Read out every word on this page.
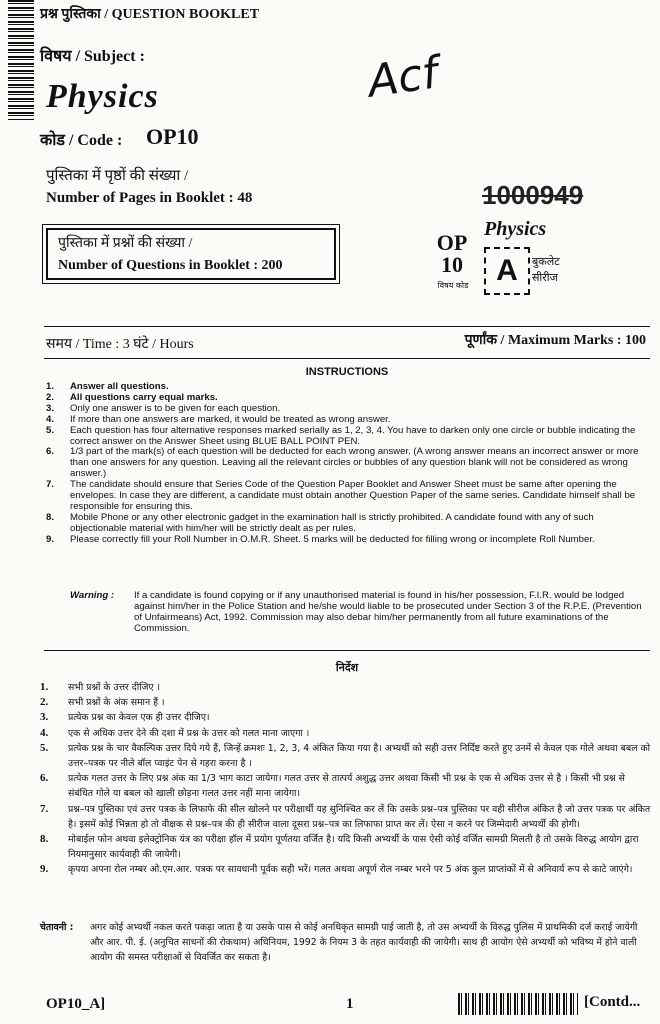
प्रश्न पुस्तिका / QUESTION BOOKLET
विषय / Subject :
Physics
कोड / Code : OP10
Acf
पुस्तिका में पृष्ठों की संख्या /
Number of Pages in Booklet : 48	1000949
पुस्तिका में प्रश्नों की संख्या /
Number of Questions in Booklet : 200
Physics
OP
10
विषय कोड A बुकलेट
सीरीज
समय / Time : 3 घंटे / Hours	पूर्णांक / Maximum Marks : 100
INSTRUCTIONS
1. Answer all questions.
2. All questions carry equal marks.
3. Only one answer is to be given for each question.
4. If more than one answers are marked, it would be treated as wrong answer.
5. Each question has four alternative responses marked serially as 1, 2, 3, 4. You have to darken only one circle or bubble indicating the correct answer on the Answer Sheet using BLUE BALL POINT PEN.
6. 1/3 part of the mark(s) of each question will be deducted for each wrong answer. (A wrong answer means an incorrect answer or more than one answers for any question. Leaving all the relevant circles or bubbles of any question blank will not be considered as wrong answer.)
7. The candidate should ensure that Series Code of the Question Paper Booklet and Answer Sheet must be same after opening the envelopes. In case they are different, a candidate must obtain another Question Paper of the same series. Candidate himself shall be responsible for ensuring this.
8. Mobile Phone or any other electronic gadget in the examination hall is strictly prohibited. A candidate found with any of such objectionable material with him/her will be strictly dealt as per rules.
9. Please correctly fill your Roll Number in O.M.R. Sheet. 5 marks will be deducted for filling wrong or incomplete Roll Number.
Warning :	If a candidate is found copying or if any unauthorised material is found in his/her possession, F.I.R. would be lodged against him/her in the Police Station and he/she would liable to be prosecuted under Section 3 of the R.P.E. (Prevention of Unfairmeans) Act, 1992. Commission may also debar him/her permanently from all future examinations of the Commission.
निर्देश
1. सभी प्रश्नों के उत्तर दीजिए ।
2. सभी प्रश्नों के अंक समान हैं ।
3. प्रत्येक प्रश्न का केवल एक ही उत्तर दीजिए।
4. एक से अधिक उत्तर देने की दशा में प्रश्न के उत्तर को गलत माना जाएगा ।
5. प्रत्येक प्रश्न के चार वैकल्पिक उत्तर दिये गये हैं, जिन्हें क्रमशः 1, 2, 3, 4 अंकित किया गया है। अभ्यर्थी को सही उत्तर निर्दिष्ट करते हुए उनमें से केवल एक गोले अथवा बबल को उत्तर–पत्रक पर नीले बॉल प्वाइंट पेन से गहरा करना है ।
6. प्रत्येक गलत उत्तर के लिए प्रश्न अंक का 1/3 भाग काटा जायेगा। गलत उत्तर से तात्पर्य अशुद्ध उत्तर अथवा किसी भी प्रश्न के एक से अधिक उत्तर से है । किसी भी प्रश्न से संबंधित गोले या बबल को खाली छोड़ना गलत उत्तर नहीं माना जायेगा।
7. प्रश्न–पत्र पुस्तिका एवं उत्तर पत्रक के लिफाफे की सील खोलने पर परीक्षार्थी यह सुनिश्चित कर लें कि उसके प्रश्न–पत्र पुस्तिका पर वही सीरीज अंकित है जो उत्तर पत्रक पर अंकित है। इसमें कोई भिन्नता हो तो वीक्षक से प्रश्न–पत्र की ही सीरीज वाला दूसरा प्रश्न–पत्र का लिफाफा प्राप्त कर लें। ऐसा न करने पर जिम्मेदारी अभ्यर्थी की होगी।
8. मोबाईल फोन अथवा इलेक्ट्रोनिक यंत्र का परीक्षा हॉल में प्रयोग पूर्णतया वर्जित है। यदि किसी अभ्यर्थी के पास ऐसी कोई वर्जित सामग्री मिलती है तो उसके विरुद्ध आयोग द्वारा नियमानुसार कार्यवाही की जायेगी।
9. कृपया अपना रोल नम्बर ओ.एम.आर. पत्रक पर सावधानी पूर्वक सही भरें। गलत अथवा अपूर्ण रोल नम्बर भरने पर 5 अंक कुल प्राप्तांकों में से अनिवार्य रूप से काटे जाएंगे।
चेतावनी :	अगर कोई अभ्यर्थी नकल करते पकड़ा जाता है या उसके पास से कोई अनधिकृत सामग्री पाई जाती है, तो उस अभ्यर्थी के विरुद्ध पुलिस में प्राथमिकी दर्ज कराई जायेगी और आर. पी. ई. (अनुचित साधनों की रोकथाम) अधिनियम, 1992 के नियम 3 के तहत कार्यवाही की जायेगी। साथ ही आयोग ऐसे अभ्यर्थी को भविष्य में होने वाली आयोग की समस्त परीक्षाओं से विवर्जित कर सकता है।
OP10_A]	1	[Contd...
